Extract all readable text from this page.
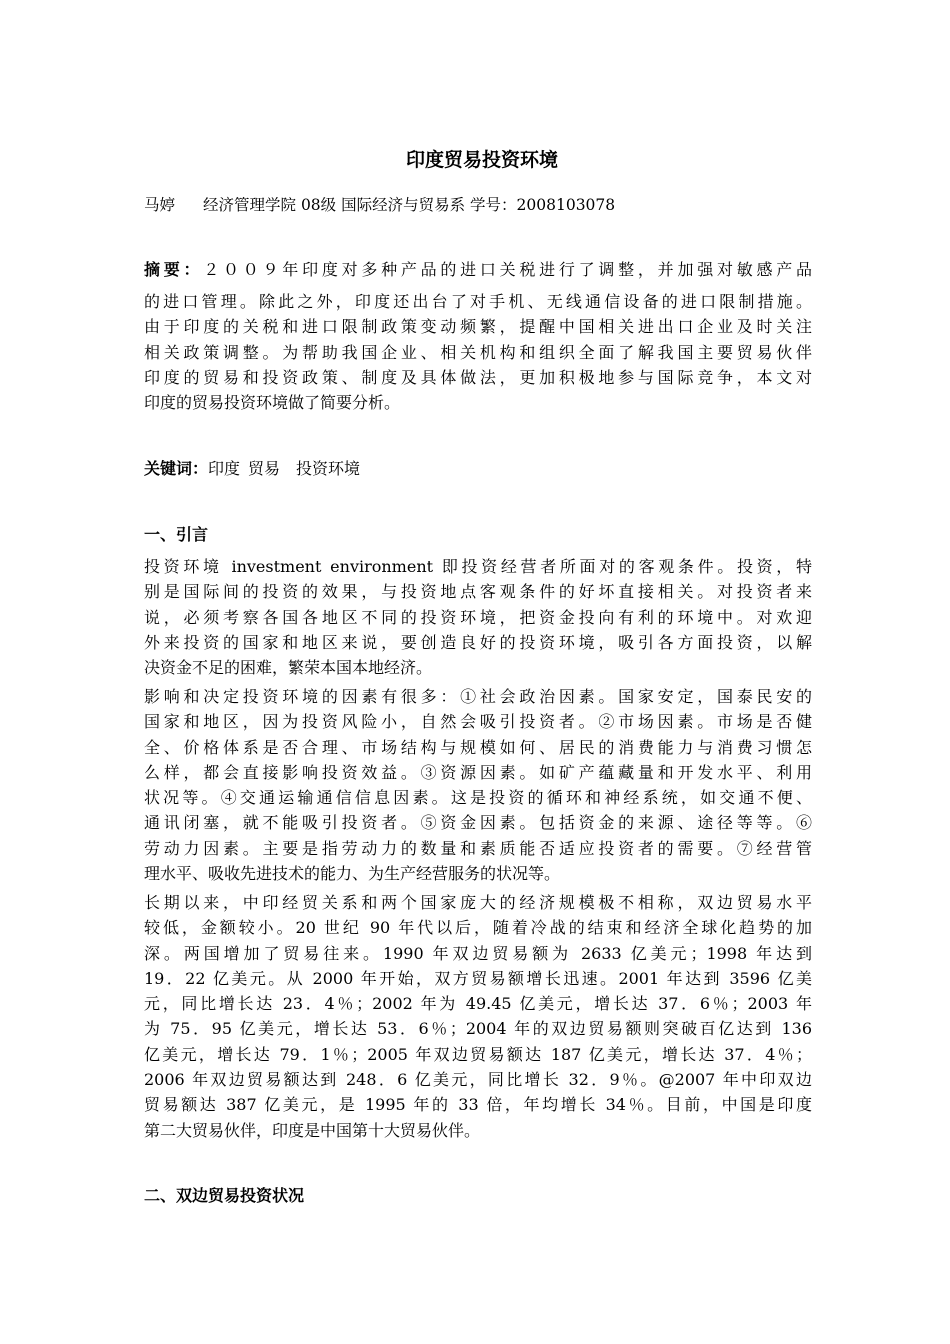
印度贸易投资环境
马婷 经济管理学院 08级 国际经济与贸易系 学号：2008103078
摘要：２００９年印度对多种产品的进口关税进行了调整，并加强对敏感产品
的进口管理。除此之外，印度还出台了对手机、无线通信设备的进口限制措施。
由于印度的关税和进口限制政策变动频繁，提醒中国相关进出口企业及时关注
相关政策调整。为帮助我国企业、相关机构和组织全面了解我国主要贸易伙伴
印度的贸易和投资政策、制度及具体做法，更加积极地参与国际竞争，本文对
印度的贸易投资环境做了简要分析。
关键词：印度 贸易 投资环境
一、引言
投资环境 investment environment 即投资经营者所面对的客观条件。投资，特
别是国际间的投资的效果，与投资地点客观条件的好坏直接相关。对投资者来
说，必须考察各国各地区不同的投资环境，把资金投向有利的环境中。对欢迎
外来投资的国家和地区来说，要创造良好的投资环境，吸引各方面投资，以解
决资金不足的困难，繁荣本国本地经济。
影响和决定投资环境的因素有很多：①社会政治因素。国家安定，国泰民安的
国家和地区，因为投资风险小，自然会吸引投资者。②市场因素。市场是否健
全、价格体系是否合理、市场结构与规模如何、居民的消费能力与消费习惯怎
么样，都会直接影响投资效益。③资源因素。如矿产蕴藏量和开发水平、利用
状况等。④交通运输通信信息因素。这是投资的循环和神经系统，如交通不便、
通讯闭塞，就不能吸引投资者。⑤资金因素。包括资金的来源、途径等等。⑥
劳动力因素。主要是指劳动力的数量和素质能否适应投资者的需要。⑦经营管
理水平、吸收先进技术的能力、为生产经营服务的状况等。
长期以来，中印经贸关系和两个国家庞大的经济规模极不相称，双边贸易水平
较低，金额较小。20 世纪 90 年代以后，随着冷战的结束和经济全球化趋势的加
深。两国增加了贸易往来。1990 年双边贸易额为 2633 亿美元；1998 年达到
19．22 亿美元。从 2000 年开始，双方贸易额增长迅速。2001 年达到 3596 亿美
元，同比增长达 23．4％；2002 年为 49.45 亿美元，增长达 37．6％；2003 年
为 75．95 亿美元，增长达 53．6％；2004 年的双边贸易额则突破百亿达到 136
亿美元，增长达 79．1％；2005 年双边贸易额达 187 亿美元，增长达 37．4％；
2006 年双边贸易额达到 248．6 亿美元，同比增长 32．9％。@2007 年中印双边
贸易额达 387 亿美元，是 1995 年的 33 倍，年均增长 34％。目前，中国是印度
第二大贸易伙伴，印度是中国第十大贸易伙伴。
二、双边贸易投资状况
